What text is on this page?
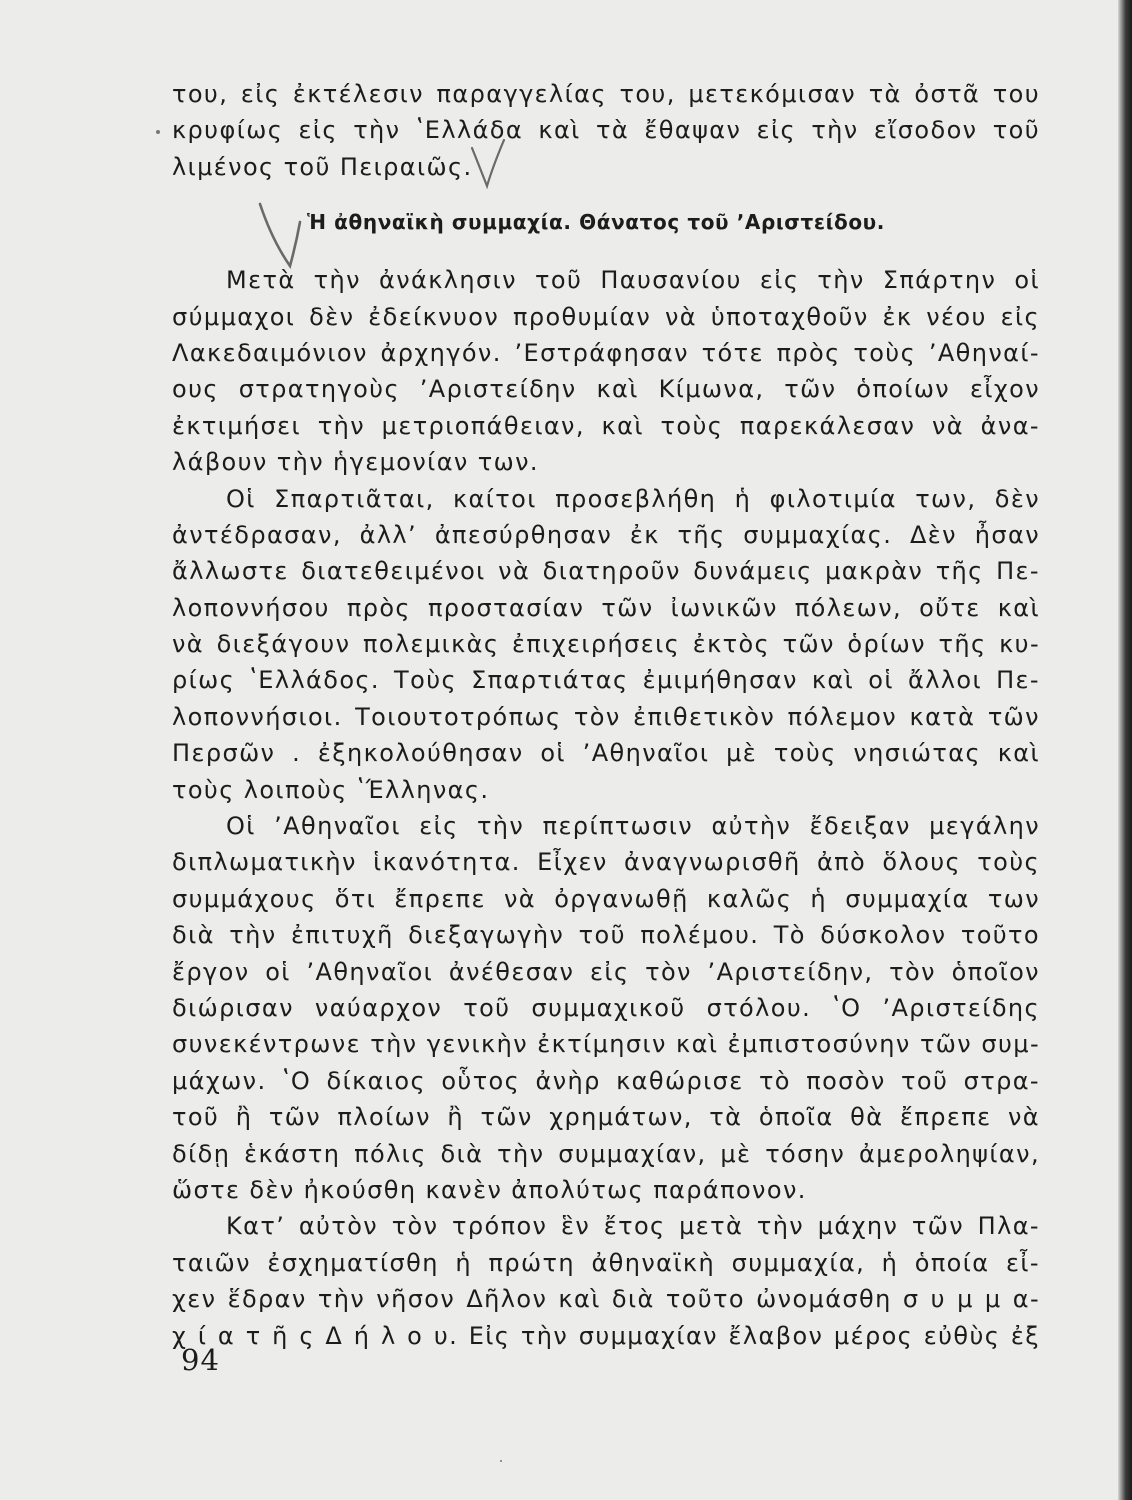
του, εἰς ἐκτέλεσιν παραγγελίας του, μετεκόμισαν τὰ ὀστᾶ του
κρυφίως εἰς τὴν ʽΕλλάδα καὶ τὰ ἔθαψαν εἰς τὴν εἴσοδον τοῦ
λιμένος τοῦ Πειραιῶς.
Ἡ ἀθηναϊκὴ συμμαχία. Θάνατος τοῦ ʼΑριστείδου.
Μετὰ τὴν ἀνάκλησιν τοῦ Παυσανίου εἰς τὴν Σπάρτην οἱ
σύμμαχοι δὲν ἐδείκνυον προθυμίαν νὰ ὑποταχθοῦν ἐκ νέου εἰς
Λακεδαιμόνιον ἀρχηγόν. ʼΕστράφησαν τότε πρὸς τοὺς ʼΑθηναί-
ους στρατηγοὺς ʼΑριστείδην καὶ Κίμωνα, τῶν ὁποίων εἶχον
ἐκτιμήσει τὴν μετριοπάθειαν, καὶ τοὺς παρεκάλεσαν νὰ ἀνα-
λάβουν τὴν ἡγεμονίαν των.
Οἱ Σπαρτιᾶται, καίτοι προσεβλήθη ἡ φιλοτιμία των, δὲν
ἀντέδρασαν, ἀλλʼ ἀπεσύρθησαν ἐκ τῆς συμμαχίας. Δὲν ἦσαν
ἄλλωστε διατεθειμένοι νὰ διατηροῦν δυνάμεις μακρὰν τῆς Πε-
λοποννήσου πρὸς προστασίαν τῶν ἰωνικῶν πόλεων, οὔτε καὶ
νὰ διεξάγουν πολεμικὰς ἐπιχειρήσεις ἐκτὸς τῶν ὁρίων τῆς κυ-
ρίως ʽΕλλάδος. Τοὺς Σπαρτιάτας ἐμιμήθησαν καὶ οἱ ἄλλοι Πε-
λοποννήσιοι. Τοιουτοτρόπως τὸν ἐπιθετικὸν πόλεμον κατὰ τῶν
Περσῶν . ἐξηκολούθησαν οἱ ʼΑθηναῖοι μὲ τοὺς νησιώτας καὶ
τοὺς λοιποὺς ʽΈλληνας.
Οἱ ʼΑθηναῖοι εἰς τὴν περίπτωσιν αὐτὴν ἔδειξαν μεγάλην
διπλωματικὴν ἱκανότητα. Εἶχεν ἀναγνωρισθῆ ἀπὸ ὅλους τοὺς
συμμάχους ὅτι ἔπρεπε νὰ ὀργανωθῇ καλῶς ἡ συμμαχία των
διὰ τὴν ἐπιτυχῆ διεξαγωγὴν τοῦ πολέμου. Τὸ δύσκολον τοῦτο
ἔργον οἱ ʼΑθηναῖοι ἀνέθεσαν εἰς τὸν ʼΑριστείδην, τὸν ὁποῖον
διώρισαν ναύαρχον τοῦ συμμαχικοῦ στόλου. ʽΟ ʼΑριστείδης
συνεκέντρωνε τὴν γενικὴν ἐκτίμησιν καὶ ἐμπιστοσύνην τῶν συμ-
μάχων. ʽΟ δίκαιος οὗτος ἀνὴρ καθώρισε τὸ ποσὸν τοῦ στρα-
τοῦ ἢ τῶν πλοίων ἢ τῶν χρημάτων, τὰ ὁποῖα θὰ ἔπρεπε νὰ
δίδῃ ἑκάστη πόλις διὰ τὴν συμμαχίαν, μὲ τόσην ἀμεροληψίαν,
ὥστε δὲν ἠκούσθη κανὲν ἀπολύτως παράπονον.
Κατʼ αὐτὸν τὸν τρόπον ἓν ἔτος μετὰ τὴν μάχην τῶν Πλα-
ταιῶν ἐσχηματίσθη ἡ πρώτη ἀθηναϊκὴ συμμαχία, ἡ ὁποία εἶ-
χεν ἕδραν τὴν νῆσον Δῆλον καὶ διὰ τοῦτο ὠνομάσθη σ υ μ μ α-
χ ί α τ ῆ ς Δ ή λ ο υ. Εἰς τὴν συμμαχίαν ἔλαβον μέρος εὐθὺς ἐξ
94
